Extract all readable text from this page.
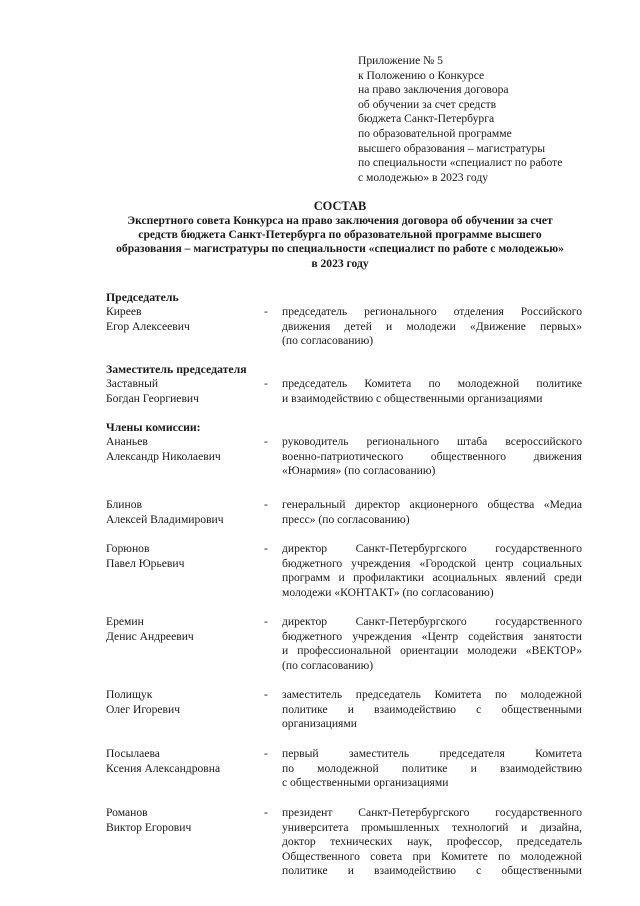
Приложение № 5
к Положению о Конкурсе
на право заключения договора
об обучении за счет средств
бюджета Санкт-Петербурга
по образовательной программе
высшего образования – магистратуры
по специальности «специалист по работе
с молодежью» в 2023 году
СОСТАВ
Экспертного совета Конкурса на право заключения договора об обучении за счет
средств бюджета Санкт-Петербурга по образовательной программе высшего
образования – магистратуры по специальности «специалист по работе с молодежью»
в 2023 году
Председатель
Киреев
Егор Алексеевич
- председатель регионального отделения Российского
движения детей и молодежи «Движение первых»
(по согласованию)
Заместитель председателя
Заставный
Богдан Георгиевич
- председатель Комитета по молодежной политике
и взаимодействию с общественными организациями
Члены комиссии:
Ананьев
Александр Николаевич
- руководитель регионального штаба всероссийского
военно-патриотического общественного движения
«Юнармия» (по согласованию)
Блинов
Алексей Владимирович
- генеральный директор акционерного общества «Медиа
пресс» (по согласованию)
Горюнов
Павел Юрьевич
- директор Санкт-Петербургского государственного
бюджетного учреждения «Городской центр социальных
программ и профилактики асоциальных явлений среди
молодежи «КОНТАКТ» (по согласованию)
Еремин
Денис Андреевич
- директор Санкт-Петербургского государственного
бюджетного учреждения «Центр содействия занятости
и профессиональной ориентации молодежи «ВЕКТОР»
(по согласованию)
Полищук
Олег Игоревич
- заместитель председатель Комитета по молодежной
политике и взаимодействию с общественными
организациями
Посылаева
Ксения Александровна
- первый заместитель председателя Комитета
по молодежной политике и взаимодействию
с общественными организациями
Романов
Виктор Егорович
- президент Санкт-Петербургского государственного
университета промышленных технологий и дизайна,
доктор технических наук, профессор, председатель
Общественного совета при Комитете по молодежной
политике и взаимодействию с общественными
